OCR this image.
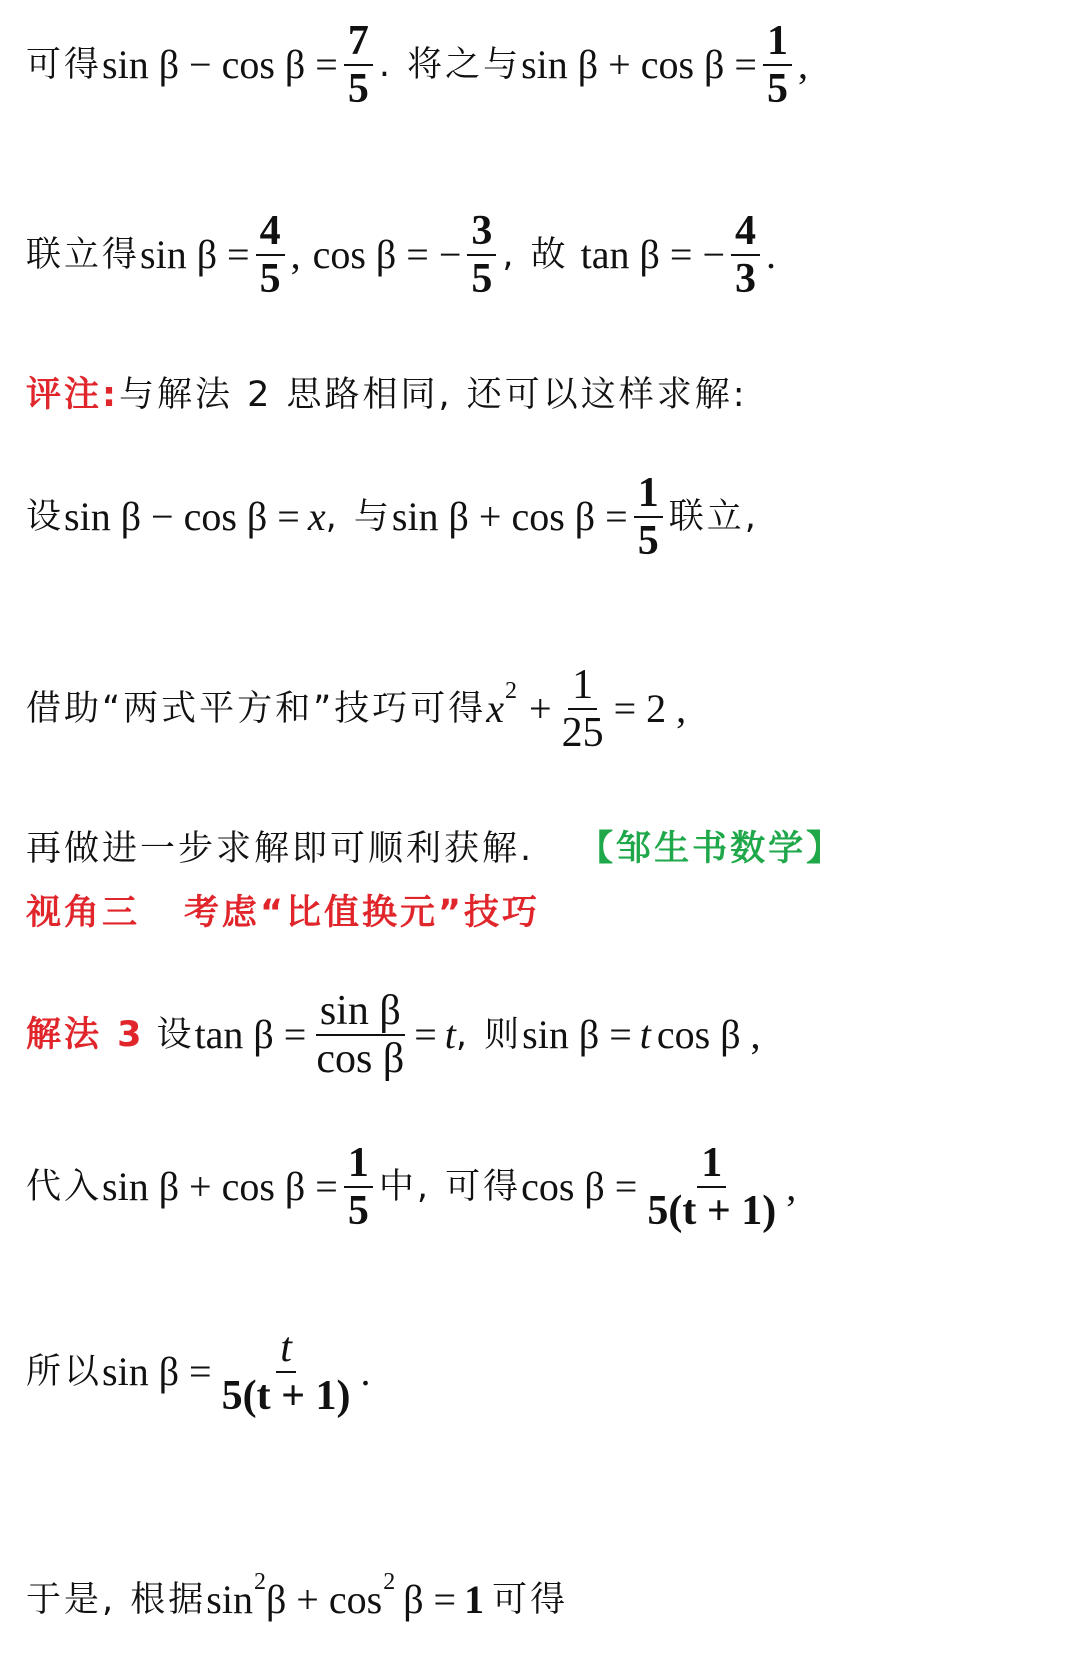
可得 $\sin \beta - \cos \beta = \frac{7}{5}$ . 将之与 $\sin \beta + \cos \beta = \frac{1}{5}$ ,
联立得 $\sin \beta = \frac{4}{5}$ , cos β = − $\frac{3}{5}$ , 故 tan β = − $\frac{4}{3}$ .
评注: 与解法 2 思路相同, 还可以这样求解:
设 sin β − cos β = x , 与 $\sin \beta + \cos \beta = \frac{1}{5}$ 联立,
借助“两式平方和”技巧可得 x $2 + \frac{1}{25} = 2$ ,
再做进一步求解即可顺利获解. 【邹生书数学】
视角三 考虑“比值换元”技巧
解法 3 设 $\tan \beta = \frac{\text{sin β}}{\text{cos β}} = t$ , 则 sin β = t cos β ,
代入 $\sin \beta + \cos \beta = \frac{1}{5}$ 中, 可得 $\cos \beta = \frac{1}{5(t + 1)}$ ,
所以 $\sin \beta = \frac{t}{5(t + 1)}$ .
于是, 根据 sin 2 β + cos 2 β = 1 可得
